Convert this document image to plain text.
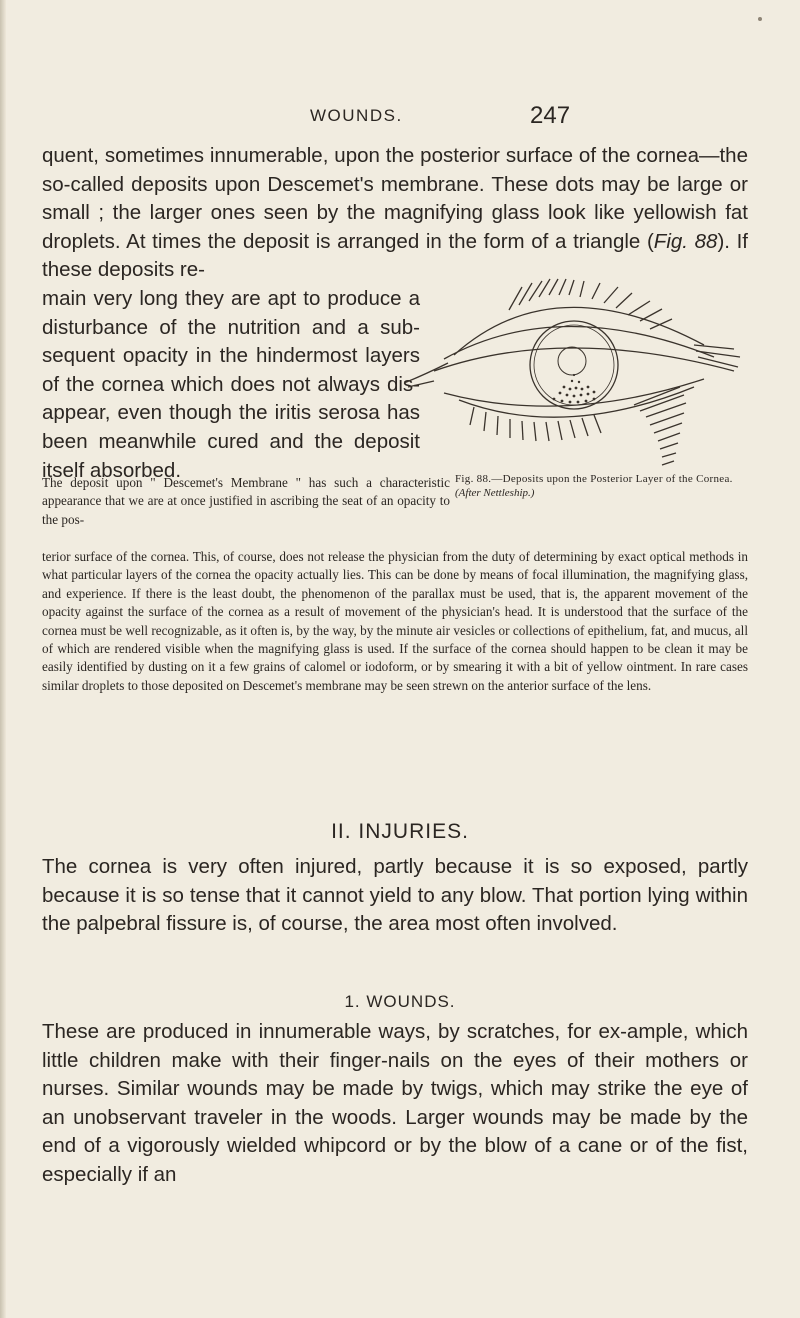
WOUNDS.	247
quent, sometimes innumerable, upon the posterior surface of the cornea—the so-called deposits upon Descemet's membrane. These dots may be large or small ; the larger ones seen by the magnifying glass look like yellowish fat droplets. At times the deposit is arranged in the form of a triangle (Fig. 88). If these deposits re-
main very long they are apt to produce a disturbance of the nutrition and a sub-sequent opacity in the hindermost layers of the cornea which does not always dis-appear, even though the iritis serosa has been meanwhile cured and the deposit itself absorbed.	Fig. 88.—Deposits upon the Posterior Layer of the Cornea.
(After Nettleship.)
The deposit upon " Descemet's Membrane " has such a characteristic appearance that we are at once justified in ascribing the seat of an opacity to the pos-
terior surface of the cornea. This, of course, does not release the physician from the duty of determining by exact optical methods in what particular layers of the cornea the opacity actually lies. This can be done by means of focal illumination, the magnifying glass, and experience. If there is the least doubt, the phenomenon of the parallax must be used, that is, the apparent movement of the opacity against the surface of the cornea as a result of movement of the physician's head. It is understood that the surface of the cornea must be well recognizable, as it often is, by the way, by the minute air vesicles or collections of epithelium, fat, and mucus, all of which are rendered visible when the magnifying glass is used. If the surface of the cornea should happen to be clean it may be easily identified by dusting on it a few grains of calomel or iodoform, or by smearing it with a bit of yellow ointment. In rare cases similar droplets to those deposited on Descemet's membrane may be seen strewn on the anterior surface of the lens.
II. INJURIES.
The cornea is very often injured, partly because it is so exposed, partly because it is so tense that it cannot yield to any blow. That portion lying within the palpebral fissure is, of course, the area most often involved.
1. WOUNDS.
These are produced in innumerable ways, by scratches, for ex-ample, which little children make with their finger-nails on the eyes of their mothers or nurses. Similar wounds may be made by twigs, which may strike the eye of an unobservant traveler in the woods. Larger wounds may be made by the end of a vigorously wielded whipcord or by the blow of a cane or of the fist, especially if an
